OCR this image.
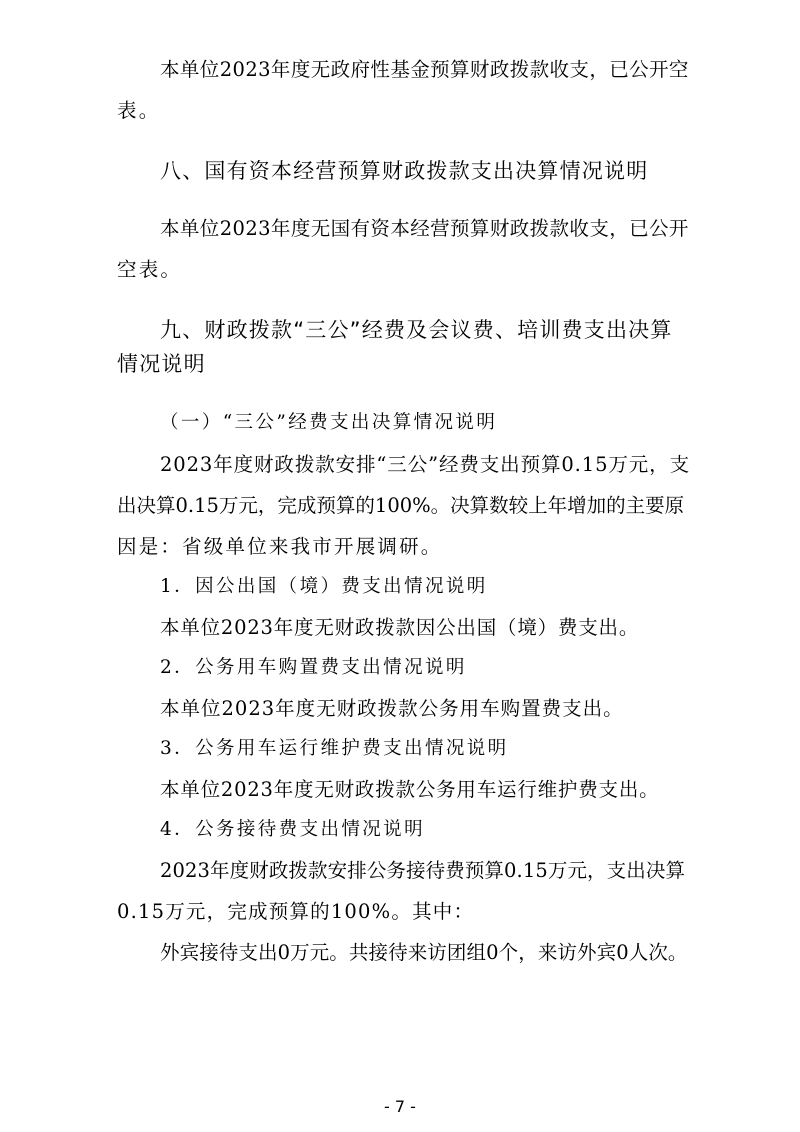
本单位2023年度无政府性基金预算财政拨款收支，已公开空
表。
八、国有资本经营预算财政拨款支出决算情况说明
本单位2023年度无国有资本经营预算财政拨款收支，已公开
空表。
九、财政拨款“三公”经费及会议费、培训费支出决算
情况说明
（一）“三公”经费支出决算情况说明
2023年度财政拨款安排“三公”经费支出预算0.15万元，支
出决算0.15万元，完成预算的100%。决算数较上年增加的主要原
因是：省级单位来我市开展调研。
1．因公出国（境）费支出情况说明
本单位2023年度无财政拨款因公出国（境）费支出。
2．公务用车购置费支出情况说明
本单位2023年度无财政拨款公务用车购置费支出。
3．公务用车运行维护费支出情况说明
本单位2023年度无财政拨款公务用车运行维护费支出。
4．公务接待费支出情况说明
2023年度财政拨款安排公务接待费预算0.15万元，支出决算
0.15万元，完成预算的100%。其中：
外宾接待支出0万元。共接待来访团组0个，来访外宾0人次。
- 7 -
